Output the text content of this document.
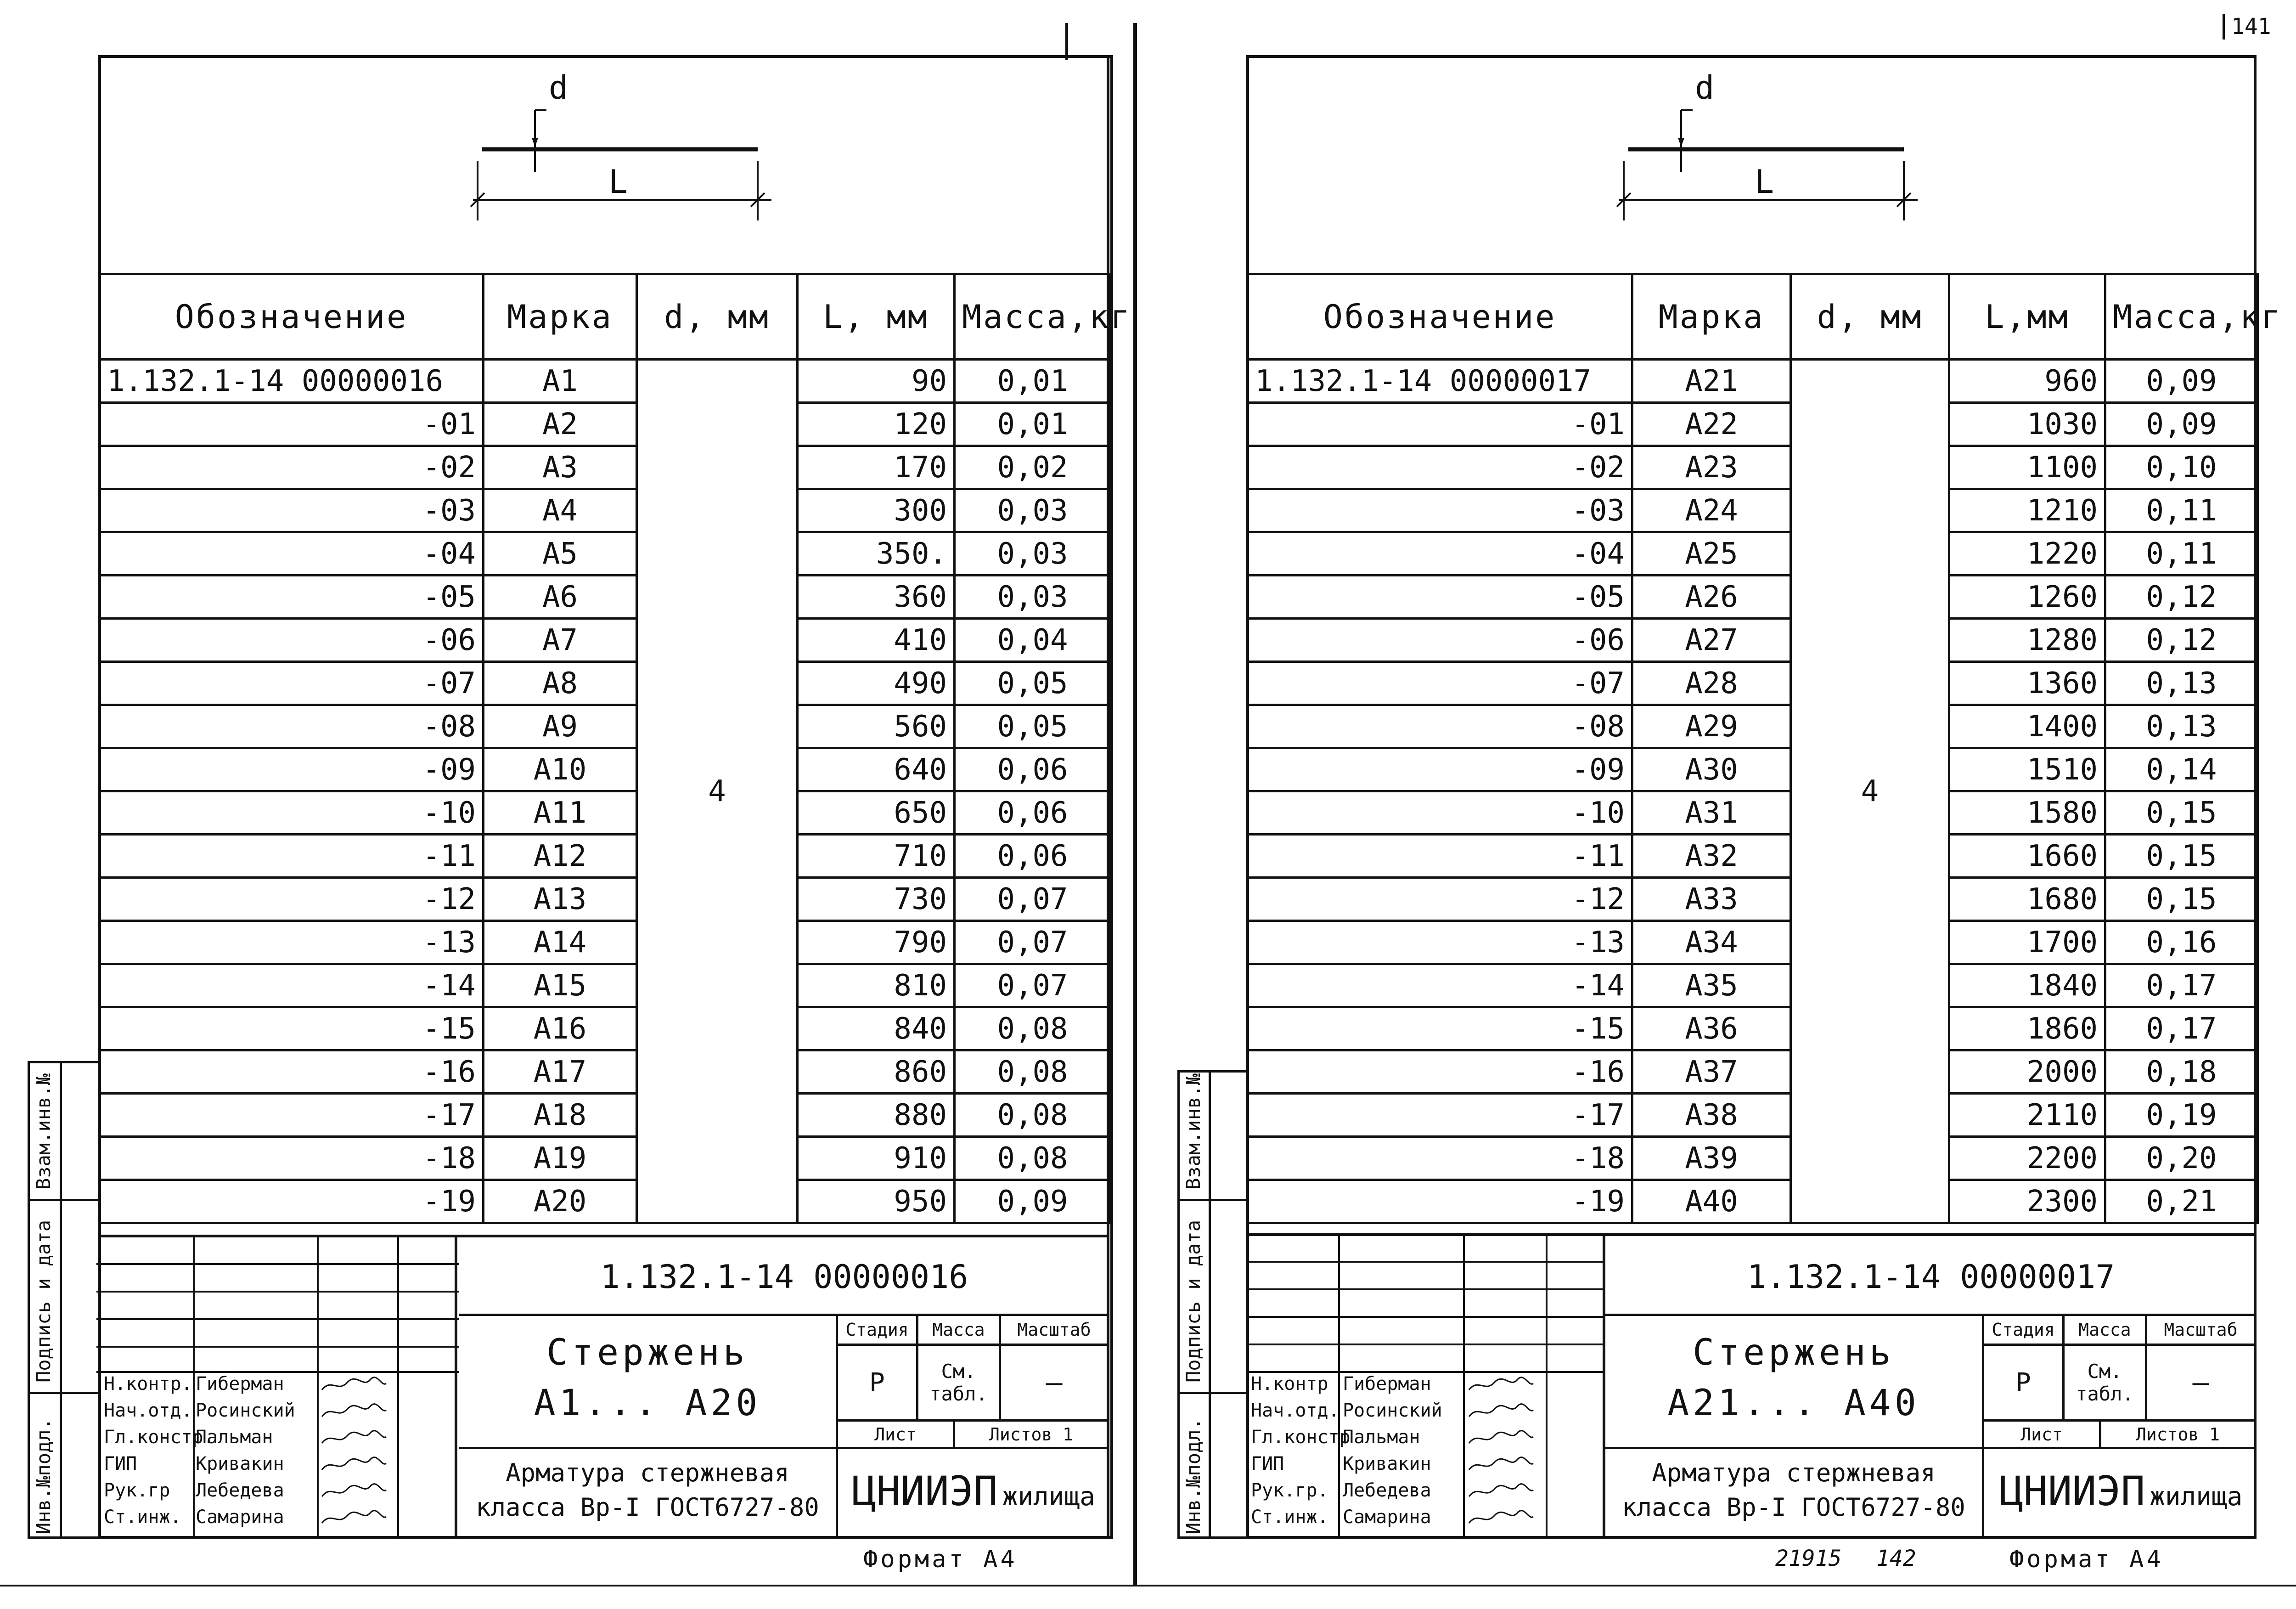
141
d
L
Обозначение	Марка	d, мм	L, мм	Масса,кг
1.132.1-14 00000016	А1	4	90	0,01
-01	А2		120	0,01
-02	А3		170	0,02
-03	А4		300	0,03
-04	А5		350.	0,03
-05	А6		360	0,03
-06	А7		410	0,04
-07	А8		490	0,05
-08	А9		560	0,05
-09	А10		640	0,06
-10	А11		650	0,06
-11	А12		710	0,06
-12	А13		730	0,07
-13	А14		790	0,07
-14	А15		810	0,07
-15	А16		840	0,08
-16	А17		860	0,08
-17	А18		880	0,08
-18	А19		910	0,08
-19	А20		950	0,09
Взам.инв.№
Подпись и дата
Инв.№подл.
Н.контр. Гиберман
Нач.отд. Росинский
Гл.констр.Пальман
ГИП	Кривакин
Рук.гр Лебедева
Ст.инж. Самарина
1.132.1-14 00000016
Стержень
А1... А20
Стадия	Масса	Масштаб
Р	См.
табл.	—
Лист	Листов 1
Арматура стержневая
класса Вр-I ГОСТ6727-80 ЦНИИЭП жилища
Формат А4
d
L
Обозначение	Марка	d, мм	L,мм	Масса,кг
1.132.1-14 00000017	А21	4	960	0,09
-01	А22		1030	0,09
-02	А23		1100	0,10
-03	А24		1210	0,11
-04	А25		1220	0,11
-05	А26		1260	0,12
-06	А27		1280	0,12
-07	А28		1360	0,13
-08	А29		1400	0,13
-09	А30		1510	0,14
-10	А31		1580	0,15
-11	А32		1660	0,15
-12	А33		1680	0,15
-13	А34		1700	0,16
-14	А35		1840	0,17
-15	А36		1860	0,17
-16	А37		2000	0,18
-17	А38		2110	0,19
-18	А39		2200	0,20
-19	А40		2300	0,21
Взам.инв.№
Подпись и дата
Инв.№подл.
Н.контр Гиберман
Нач.отд. Росинский
Гл.констрПальман
ГИП	Кривакин
Рук.гр. Лебедева
Ст.инж. Самарина
1.132.1-14 00000017
Стержень
А21... А40
Стадия	Масса	Масштаб
Р	См.
табл.	—
Лист	Листов 1
Арматура стержневая
класса Вр-I ГОСТ6727-80 ЦНИИЭП жилища
Формат А4
21915 142
